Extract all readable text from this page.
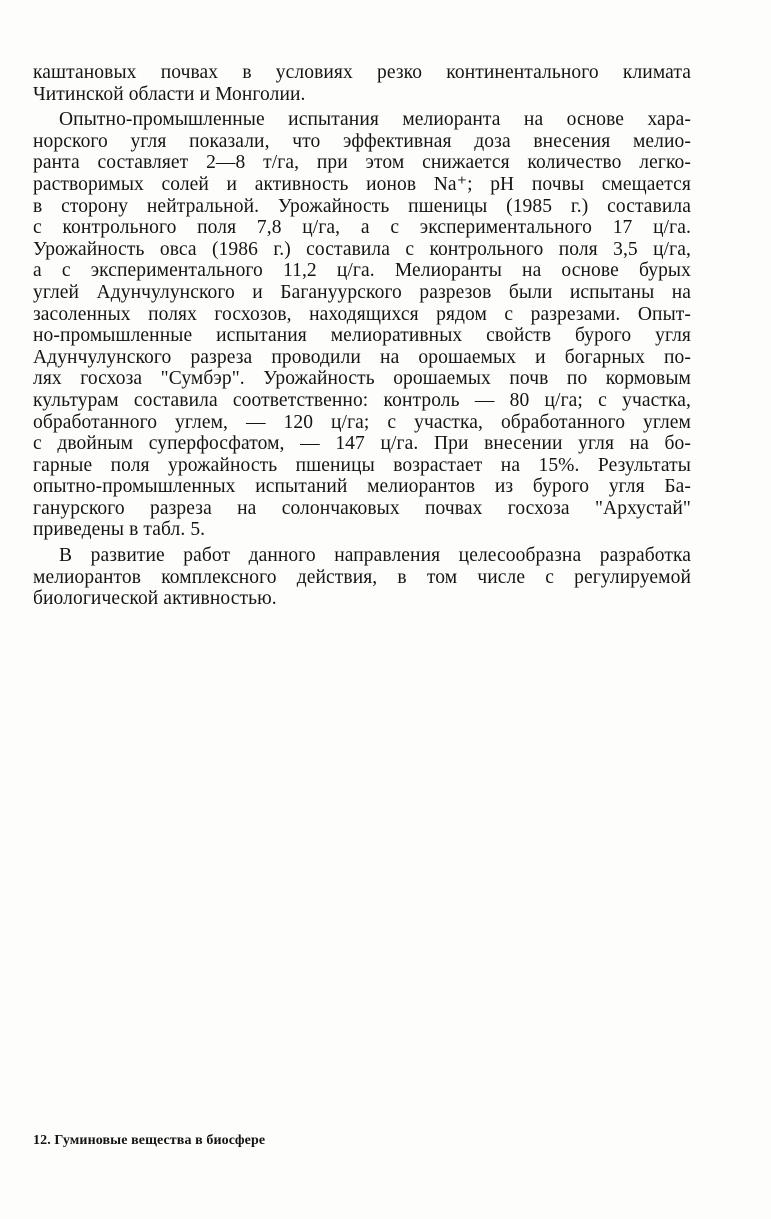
каштановых почвах в условиях резко континентального климата
Читинской области и Монголии.
Опытно-промышленные испытания мелиоранта на основе хара-
норского угля показали, что эффективная доза внесения мелио-
ранта составляет 2—8 т/га, при этом снижается количество легко-
растворимых солей и активность ионов Na⁺; pH почвы смещается
в сторону нейтральной. Урожайность пшеницы (1985 г.) составила
с контрольного поля 7,8 ц/га, а с экспериментального 17 ц/га.
Урожайность овса (1986 г.) составила с контрольного поля 3,5 ц/га,
а с экспериментального 11,2 ц/га. Мелиоранты на основе бурых
углей Адунчулунского и Багануурского разрезов были испытаны на
засоленных полях госхозов, находящихся рядом с разрезами. Опыт-
но-промышленные испытания мелиоративных свойств бурого угля
Адунчулунского разреза проводили на орошаемых и богарных по-
лях госхоза "Сумбэр". Урожайность орошаемых почв по кормовым
культурам составила соответственно: контроль — 80 ц/га; с участка,
обработанного углем, — 120 ц/га; с участка, обработанного углем
с двойным суперфосфатом, — 147 ц/га. При внесении угля на бо-
гарные поля урожайность пшеницы возрастает на 15%. Результаты
опытно-промышленных испытаний мелиорантов из бурого угля Ба-
ганурского разреза на солончаковых почвах госхоза "Архустай"
приведены в табл. 5.
В развитие работ данного направления целесообразна разработка
мелиорантов комплексного действия, в том числе с регулируемой
биологической активностью.
12. Гуминовые вещества в биосфере
